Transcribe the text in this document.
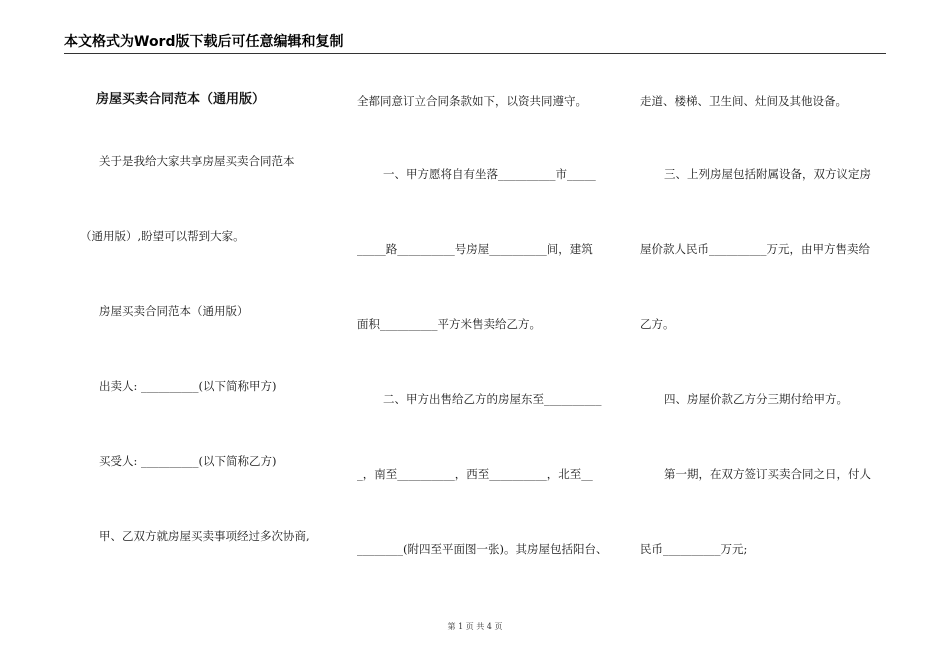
本文格式为Word版下载后可任意编辑和复制
房屋买卖合同范本（通用版）
关于是我给大家共享房屋买卖合同范本
（通用版）,盼望可以帮到大家。
房屋买卖合同范本（通用版）
出卖人: __________(以下简称甲方)
买受人: __________(以下简称乙方)
甲、乙双方就房屋买卖事项经过多次协商,
全都同意订立合同条款如下，以资共同遵守。
一、甲方愿将自有坐落__________市_____
_____路__________号房屋__________间，建筑
面积__________平方米售卖给乙方。
二、甲方出售给乙方的房屋东至__________
_，南至__________，西至__________，北至__
________(附四至平面图一张)。其房屋包括阳台、
走道、楼梯、卫生间、灶间及其他设备。
三、上列房屋包括附属设备，双方议定房
屋价款人民币__________万元，由甲方售卖给
乙方。
四、房屋价款乙方分三期付给甲方。
第一期，在双方签订买卖合同之日，付人
民币__________万元;
第 1 页 共 4 页
